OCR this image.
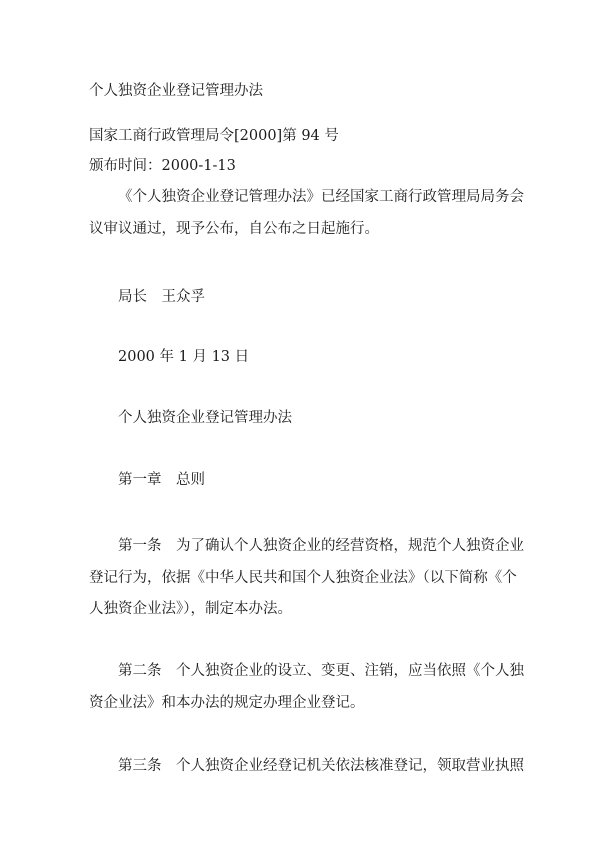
个人独资企业登记管理办法
国家工商行政管理局令[2000]第 94 号
颁布时间：2000-1-13
《个人独资企业登记管理办法》已经国家工商行政管理局局务会
议审议通过，现予公布，自公布之日起施行。
局长　王众孚
2000 年 1 月 13 日
个人独资企业登记管理办法
第一章　总则
第一条　为了确认个人独资企业的经营资格，规范个人独资企业
登记行为，依据《中华人民共和国个人独资企业法》（以下简称《个
人独资企业法》），制定本办法。
第二条　个人独资企业的设立、变更、注销，应当依照《个人独
资企业法》和本办法的规定办理企业登记。
第三条　个人独资企业经登记机关依法核准登记，领取营业执照
